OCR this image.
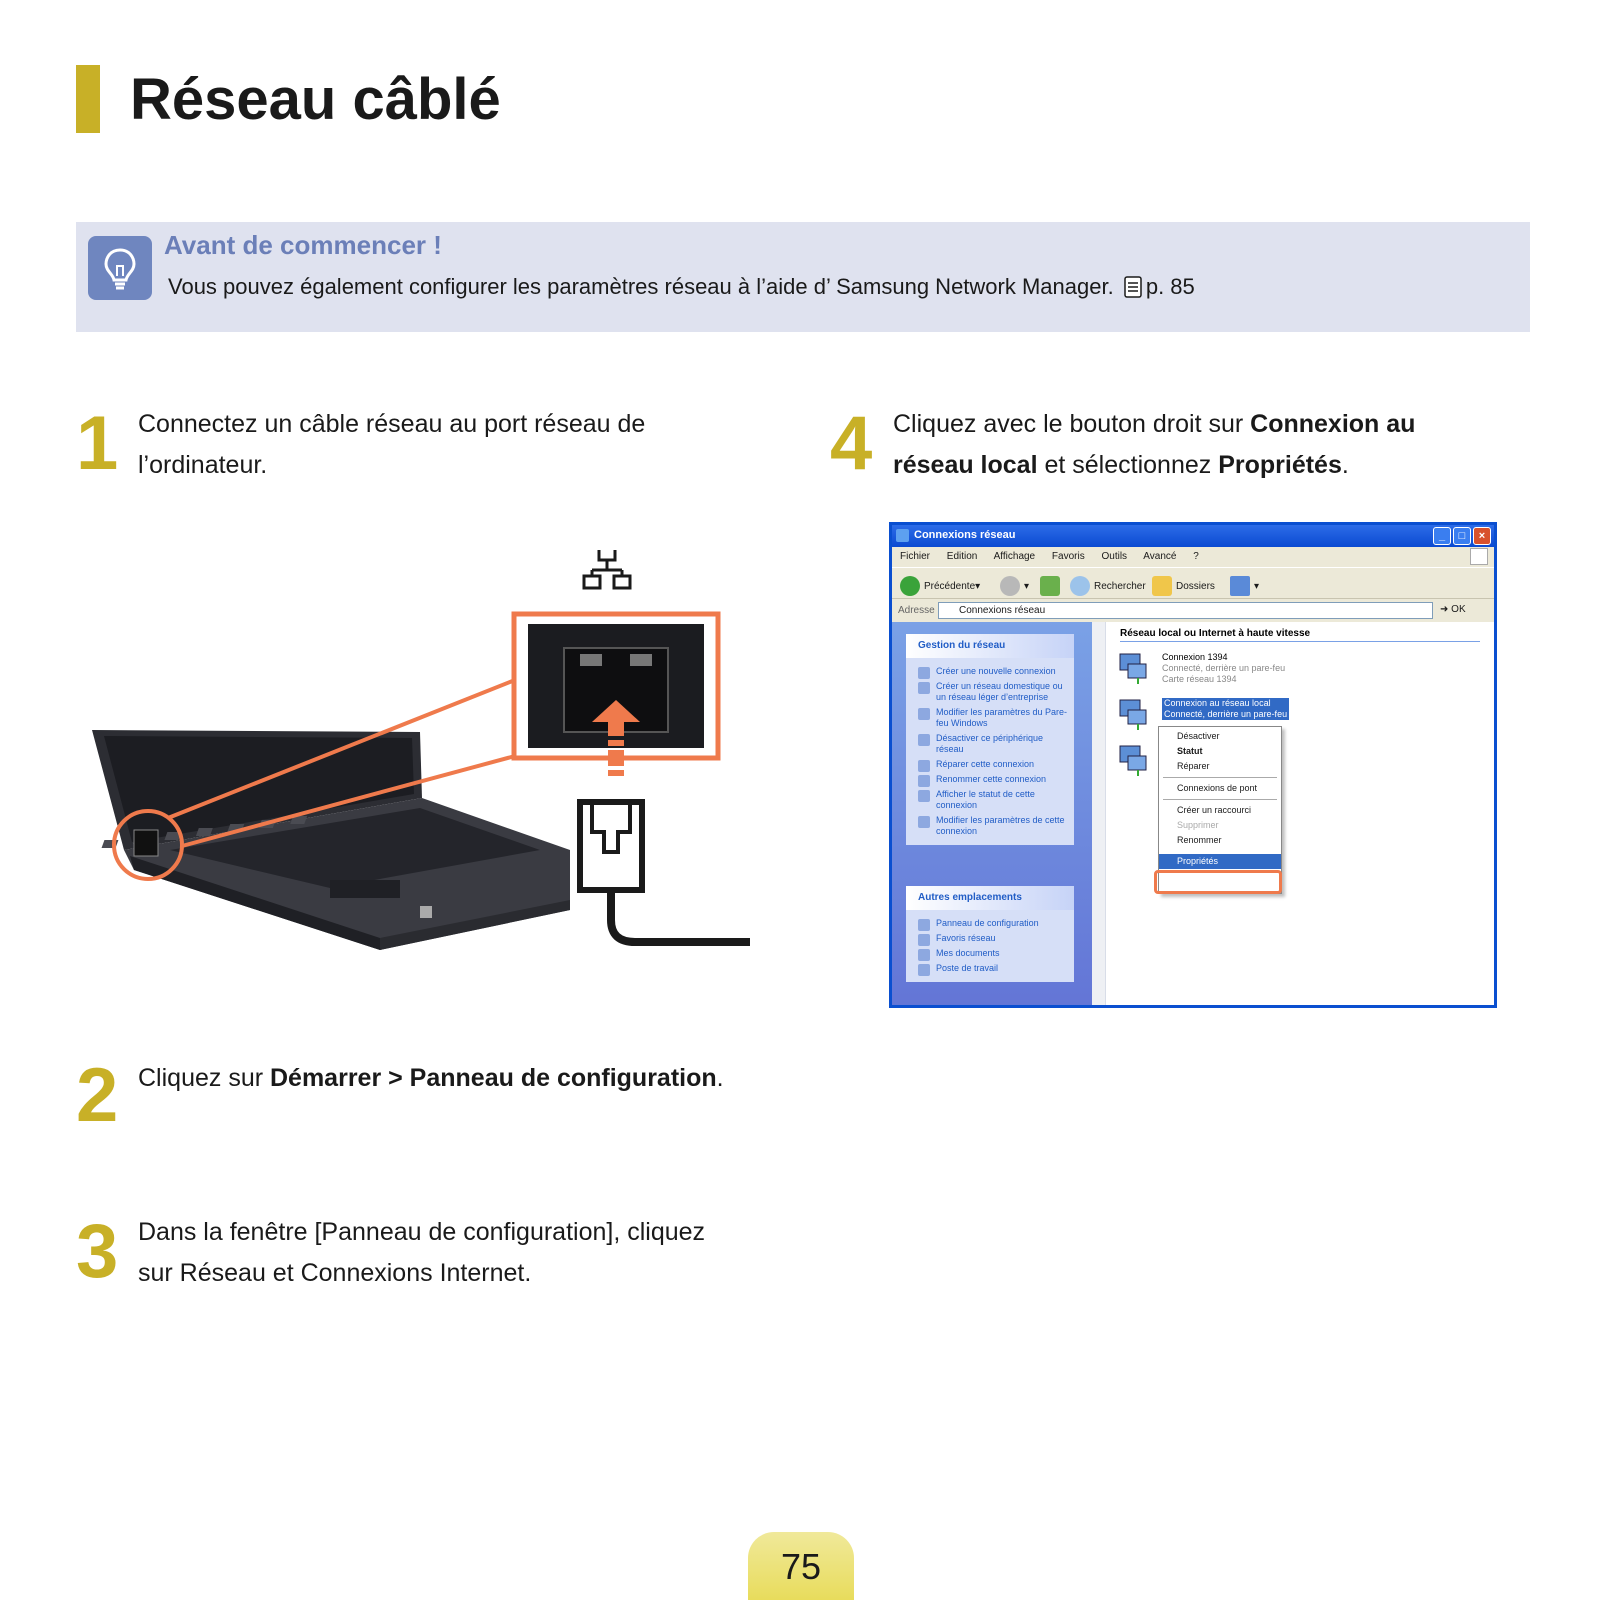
Réseau câblé
Avant de commencer !
Vous pouvez également configurer les paramètres réseau à l’aide d’ Samsung Network Manager. p. 85
1 Connectez un câble réseau au port réseau de
l’ordinateur.
2 Cliquez sur Démarrer > Panneau de configuration.
3 Dans la fenêtre [Panneau de configuration], cliquez
sur Réseau et Connexions Internet.
4 Cliquez avec le bouton droit sur Connexion au
réseau local et sélectionnez Propriétés.
Connexions réseau	_ □ ×
Fichier Edition Affichage Favoris Outils Avancé ?
Précédente ▾	▾	Rechercher	Dossiers	▾
Adresse	Connexions réseau	➜ OK
Gestion du réseau
Créer une nouvelle connexion
Créer un réseau domestique ou un réseau léger d’entreprise
Modifier les paramètres du Pare-feu Windows
Désactiver ce périphérique réseau
Réparer cette connexion
Renommer cette connexion
Afficher le statut de cette connexion
Modifier les paramètres de cette connexion
Autres emplacements
Panneau de configuration
Favoris réseau
Mes documents
Poste de travail
Réseau local ou Internet à haute vitesse
Connexion 1394
Connecté, derrière un pare-feu
Carte réseau 1394
Connexion au réseau local
Connecté, derrière un pare-feu
Désactiver
Statut
Réparer
Connexions de pont
Créer un raccourci
Supprimer
Renommer
Propriétés
75
